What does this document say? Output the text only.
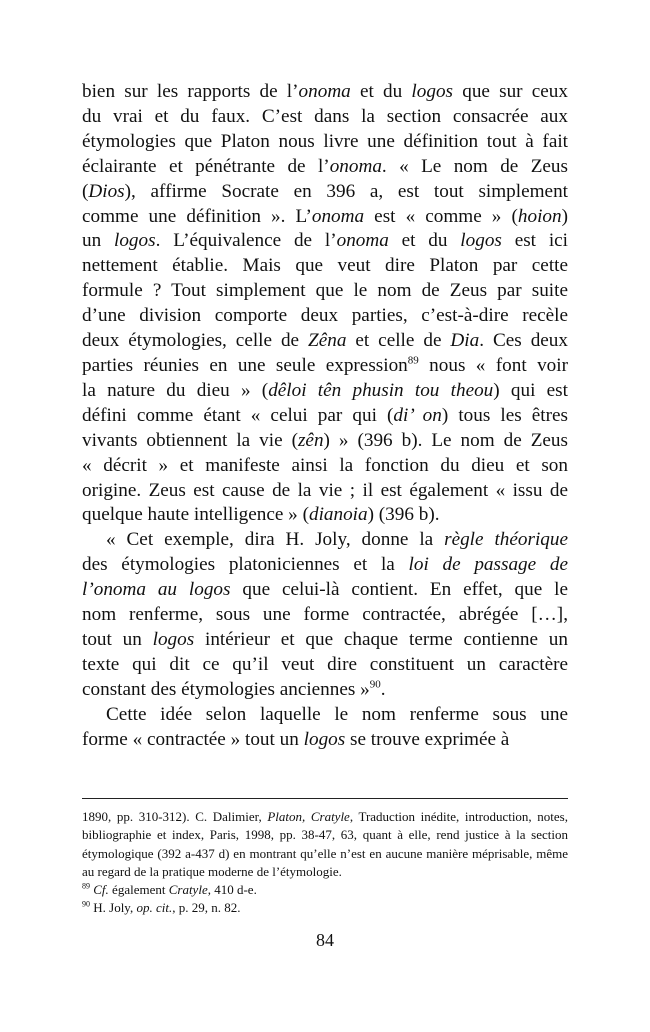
bien sur les rapports de l’onoma et du logos que sur ceux
du vrai et du faux. C’est dans la section consacrée aux
étymologies que Platon nous livre une définition tout à fait
éclairante et pénétrante de l’onoma. « Le nom de Zeus
(Dios), affirme Socrate en 396 a, est tout simplement
comme une définition ». L’onoma est « comme » (hoion)
un logos. L’équivalence de l’onoma et du logos est ici
nettement établie. Mais que veut dire Platon par cette
formule ? Tout simplement que le nom de Zeus par suite
d’une division comporte deux parties, c’est-à-dire recèle
deux étymologies, celle de Zêna et celle de Dia. Ces deux
parties réunies en une seule expression$^{89}$ nous « font voir
la nature du dieu » (dêloi tên phusin tou theou) qui est
défini comme étant « celui par qui (di’ on) tous les êtres
vivants obtiennent la vie (zên) » (396 b). Le nom de Zeus
« décrit » et manifeste ainsi la fonction du dieu et son
origine. Zeus est cause de la vie ; il est également « issu de
quelque haute intelligence » (dianoia) (396 b).

« Cet exemple, dira H. Joly, donne la règle théorique
des étymologies platoniciennes et la loi de passage de
l’onoma au logos que celui-là contient. En effet, que le
nom renferme, sous une forme contractée, abrégée […],
tout un logos intérieur et que chaque terme contienne un
texte qui dit ce qu’il veut dire constituent un caractère
constant des étymologies anciennes »$^{90}$.

Cette idée selon laquelle le nom renferme sous une
forme « contractée » tout un logos se trouve exprimée à

1890, pp. 310-312). C. Dalimier, Platon, Cratyle, Traduction inédite, introduction, notes, bibliographie et index, Paris, 1998, pp. 38-47, 63, quant à elle, rend justice à la section étymologique (392 a-437 d) en montrant qu’elle n’est en aucune manière méprisable, même au regard de la pratique moderne de l’étymologie.

$^{89}$ Cf. également Cratyle, 410 d-e.

$^{90}$ H. Joly, op. cit., p. 29, n. 82.

84
